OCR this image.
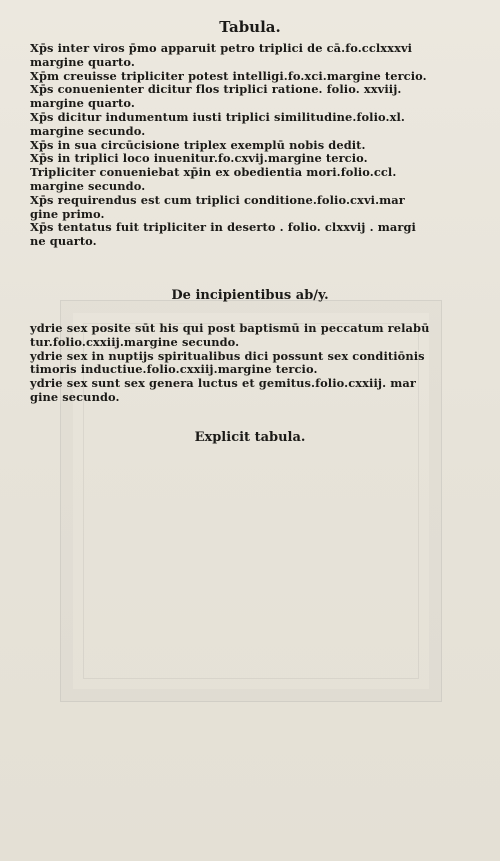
Tabula.
Xp̄s inter viros p̄mo apparuit petro triplici de cā.fo.cclxxxvi
margine quarto.
Xp̄m creuisse tripliciter potest intelligi.fo.xci.margine tercio.
Xp̄s conuenienter dicitur flos triplici ratione. folio. xxviij.
margine quarto.
Xp̄s dicitur indumentum iusti triplici similitudine.folio.xl.
margine secundo.
Xp̄s in sua circūcisione triplex exemplū nobis dedit.
Xp̄s in triplici loco inuenitur.fo.cxvij.margine tercio.
Tripliciter conueniebat xp̄in ex obedientia mori.folio.ccl.
margine secundo.
Xp̄s requirendus est cum triplici conditione.folio.cxvi.mar
gine primo.
Xp̄s tentatus fuit tripliciter in deserto . folio. clxxvij . margi
ne quarto.
De incipientibus ab/y.
ydrie sex posite sūt his qui post baptismū in peccatum relabū
tur.folio.cxxiij.margine secundo.
ydrie sex in nuptijs spiritualibus dici possunt sex conditiōnis
timoris inductiue.folio.cxxiij.margine tercio.
ydrie sex sunt sex genera luctus et gemitus.folio.cxxiij. mar
gine secundo.
Explicit tabula.
